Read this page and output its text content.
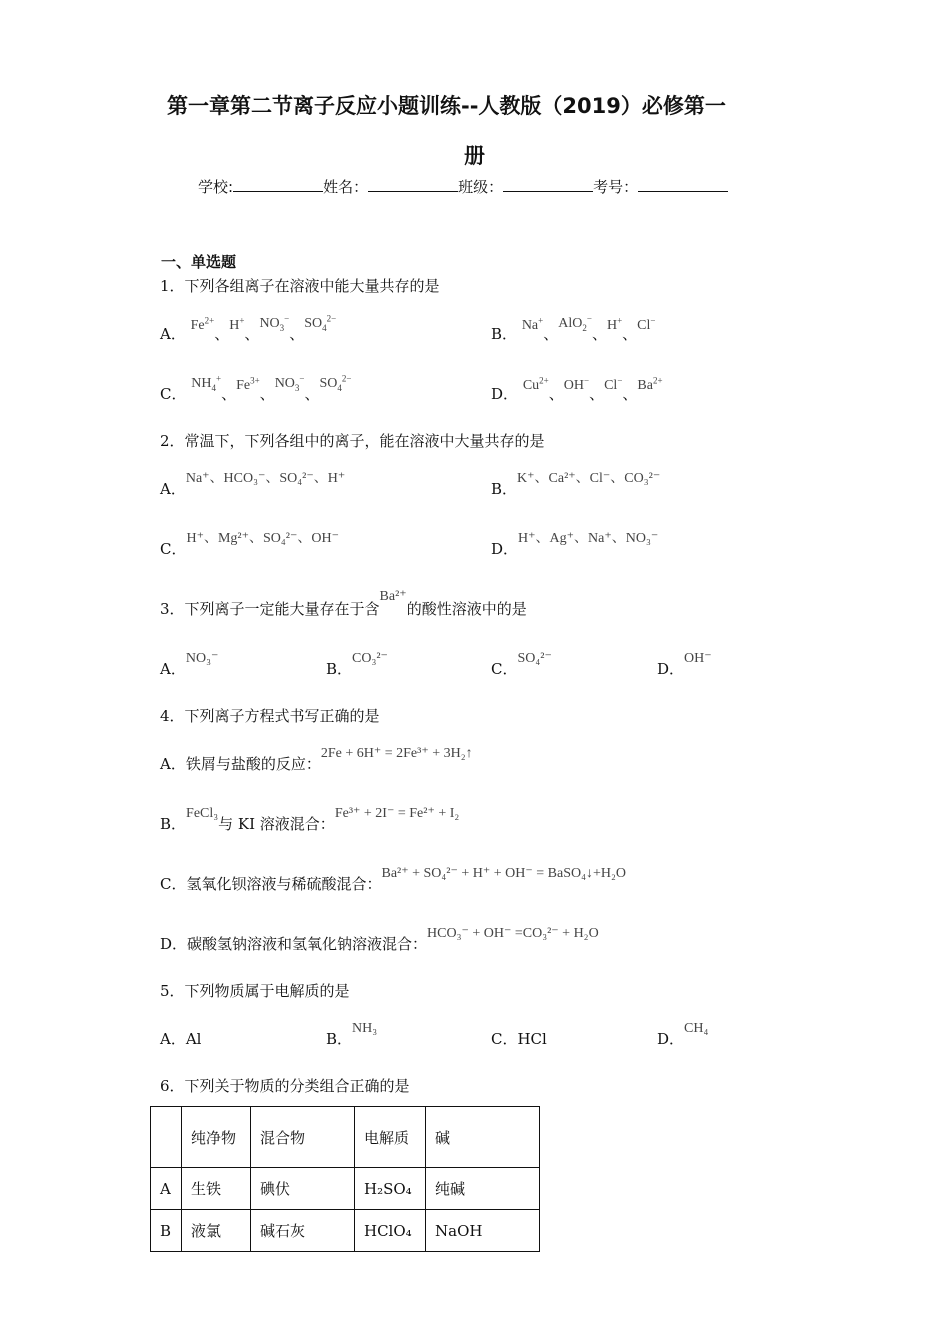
第一章第二节离子反应小题训练--人教版（2019）必修第一
册
学校:	姓名：	班级：	考号：
一、单选题
1．下列各组离子在溶液中能大量共存的是
A． $Fe^{2+}$、H+、$NO_3^-$、$SO_4^{2-}$
B． Na+、AlO$_2$−、H+、Cl−
C． $NH_4^+$、$Fe^{3+}$、$NO_3^-$、$SO_4^{2-}$
D． $Cu^{2+}$、OH−、Cl−、$Ba^{2+}$
2．常温下，下列各组中的离子，能在溶液中大量共存的是
A．Na⁺、HCO₃⁻、SO₄²⁻、H⁺
B．K⁺、Ca²⁺、Cl⁻、CO₃²⁻
C．H⁺、Mg²⁺、SO₄²⁻、OH⁻
D．H⁺、Ag⁺、Na⁺、NO₃⁻
3．下列离子一定能大量存在于含Ba²⁺的酸性溶液中的是
A．NO₃⁻
B．CO₃²⁻
C．SO₄²⁻
D．OH⁻
4．下列离子方程式书写正确的是
A．铁屑与盐酸的反应：2Fe + 6H⁺ = 2Fe³⁺ + 3H₂↑
B．FeCl₃与 KI 溶液混合：Fe³⁺ + 2I⁻ = Fe²⁺ + I₂
C．氢氧化钡溶液与稀硫酸混合：Ba²⁺ + SO₄²⁻ + H⁺ + OH⁻ = BaSO₄↓+H₂O
D．碳酸氢钠溶液和氢氧化钠溶液混合：HCO₃⁻ + OH⁻ =CO₃²⁻ + H₂O
5．下列物质属于电解质的是
A．Al	B．NH₃
C．HCl	D．CH₄
6．下列关于物质的分类组合正确的是
	纯净物	混合物	电解质	碱
A	生铁	碘伏	H₂SO₄	纯碱
B	液氯	碱石灰	HClO₄	NaOH
